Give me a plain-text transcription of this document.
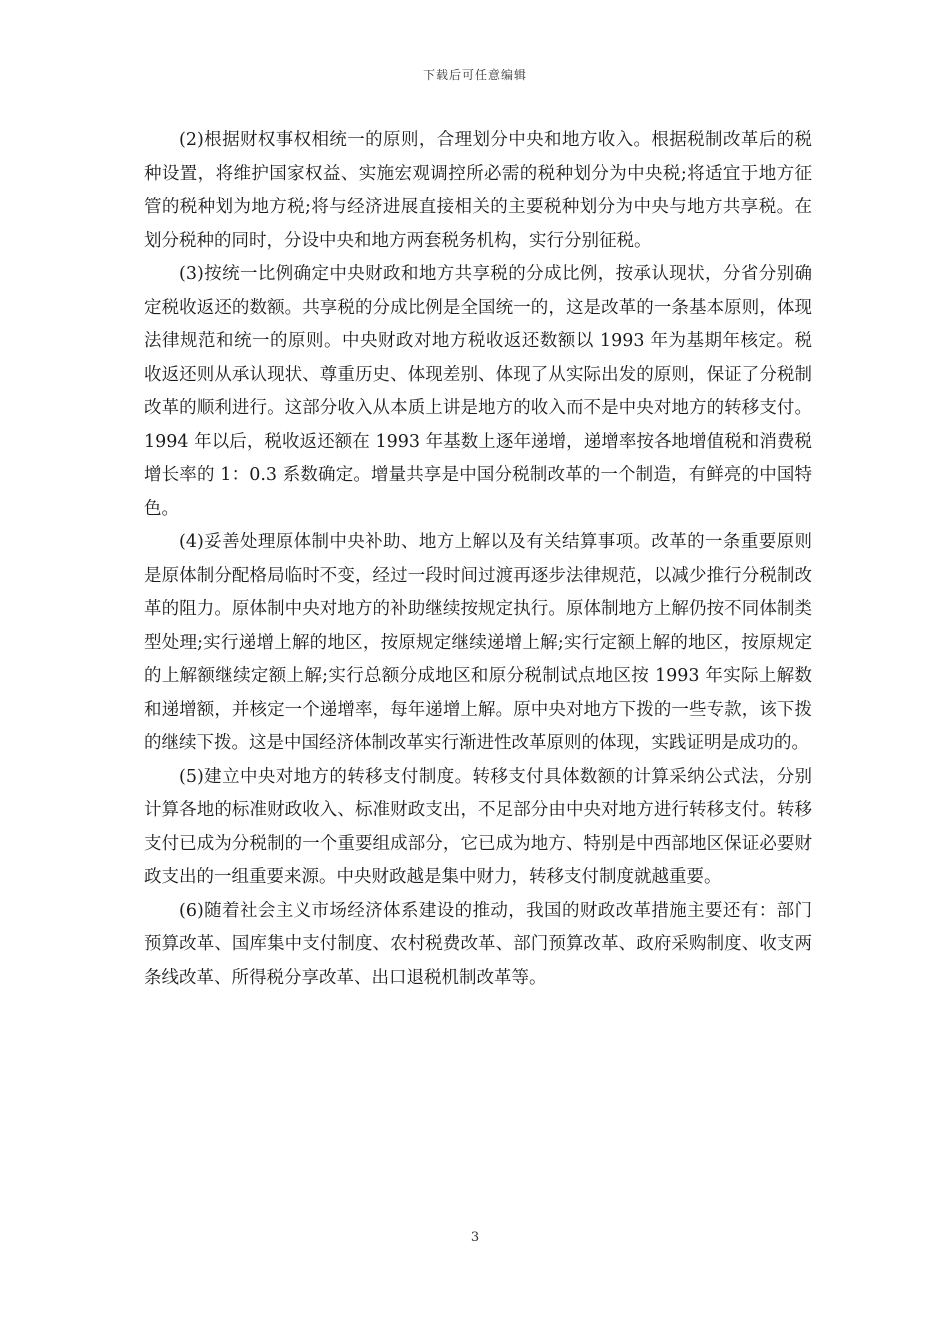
下载后可任意编辑

(2)根据财权事权相统一的原则，合理划分中央和地方收入。根据税制改革后的税种设置，将维护国家权益、实施宏观调控所必需的税种划分为中央税;将适宜于地方征管的税种划为地方税;将与经济进展直接相关的主要税种划分为中央与地方共享税。在划分税种的同时，分设中央和地方两套税务机构，实行分别征税。

(3)按统一比例确定中央财政和地方共享税的分成比例，按承认现状，分省分别确定税收返还的数额。共享税的分成比例是全国统一的，这是改革的一条基本原则，体现法律规范和统一的原则。中央财政对地方税收返还数额以 1993 年为基期年核定。税收返还则从承认现状、尊重历史、体现差别、体现了从实际出发的原则，保证了分税制改革的顺利进行。这部分收入从本质上讲是地方的收入而不是中央对地方的转移支付。1994 年以后，税收返还额在 1993 年基数上逐年递增，递增率按各地增值税和消费税增长率的 1：0.3 系数确定。增量共享是中国分税制改革的一个制造，有鲜亮的中国特色。

(4)妥善处理原体制中央补助、地方上解以及有关结算事项。改革的一条重要原则是原体制分配格局临时不变，经过一段时间过渡再逐步法律规范，以减少推行分税制改革的阻力。原体制中央对地方的补助继续按规定执行。原体制地方上解仍按不同体制类型处理;实行递增上解的地区，按原规定继续递增上解;实行定额上解的地区，按原规定的上解额继续定额上解;实行总额分成地区和原分税制试点地区按 1993 年实际上解数和递增额，并核定一个递增率，每年递增上解。原中央对地方下拨的一些专款，该下拨的继续下拨。这是中国经济体制改革实行渐进性改革原则的体现，实践证明是成功的。

(5)建立中央对地方的转移支付制度。转移支付具体数额的计算采纳公式法，分别计算各地的标准财政收入、标准财政支出，不足部分由中央对地方进行转移支付。转移支付已成为分税制的一个重要组成部分，它已成为地方、特别是中西部地区保证必要财政支出的一组重要来源。中央财政越是集中财力，转移支付制度就越重要。

(6)随着社会主义市场经济体系建设的推动，我国的财政改革措施主要还有：部门预算改革、国库集中支付制度、农村税费改革、部门预算改革、政府采购制度、收支两条线改革、所得税分享改革、出口退税机制改革等。

3
